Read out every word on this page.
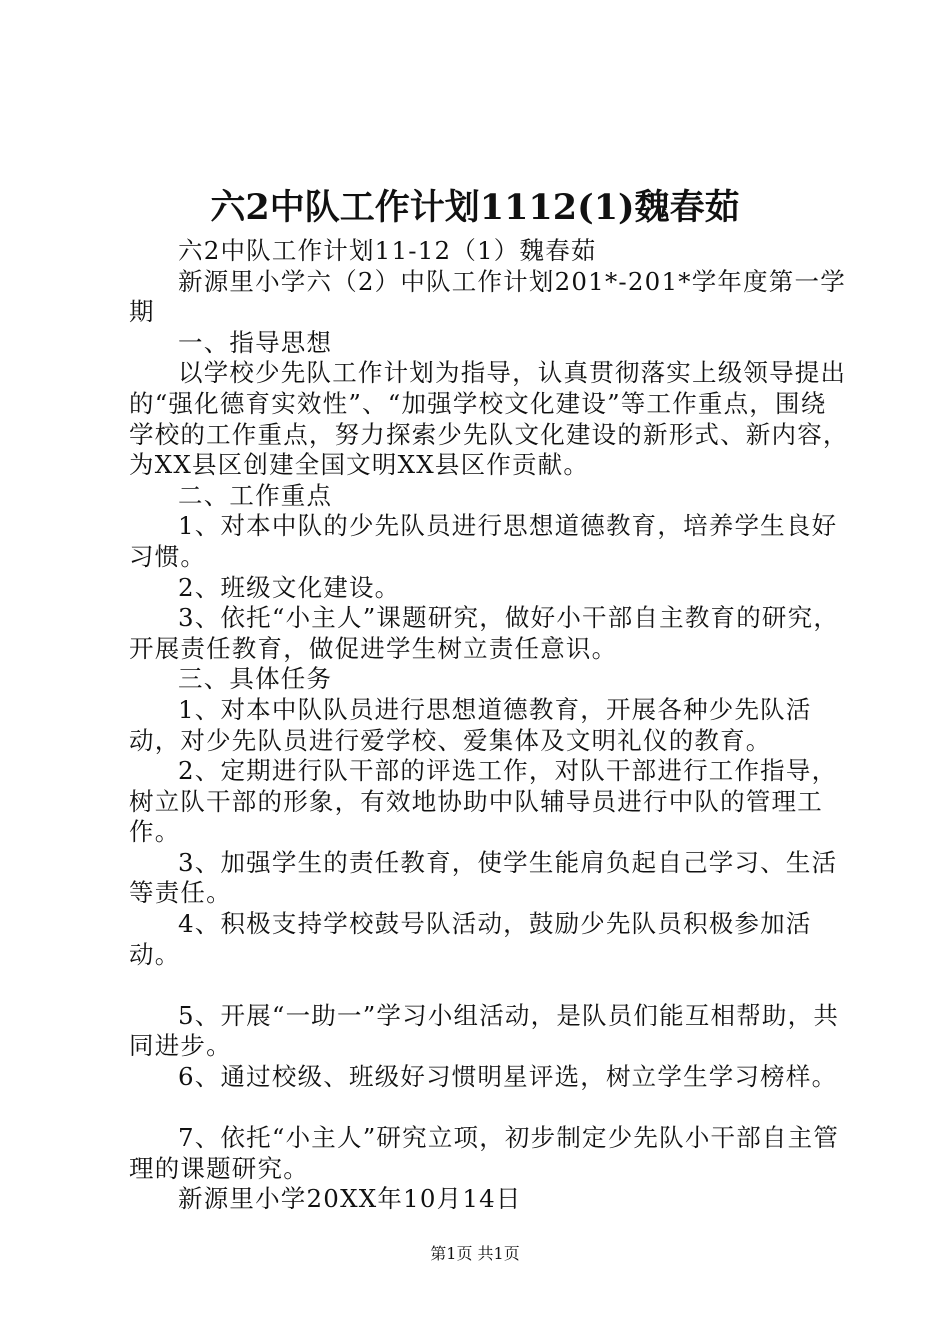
六2中队工作计划1112(1)魏春茹

六2中队工作计划11-12（1）魏春茹

新源里小学六（2）中队工作计划201*-201*学年度第一学期

一、指导思想

以学校少先队工作计划为指导，认真贯彻落实上级领导提出的“强化德育实效性”、“加强学校文化建设”等工作重点，围绕学校的工作重点，努力探索少先队文化建设的新形式、新内容，为XX县区创建全国文明XX县区作贡献。

二、工作重点

1、对本中队的少先队员进行思想道德教育，培养学生良好习惯。

2、班级文化建设。

3、依托“小主人”课题研究，做好小干部自主教育的研究，开展责任教育，做促进学生树立责任意识。

三、具体任务

1、对本中队队员进行思想道德教育，开展各种少先队活动，对少先队员进行爱学校、爱集体及文明礼仪的教育。

2、定期进行队干部的评选工作，对队干部进行工作指导，树立队干部的形象，有效地协助中队辅导员进行中队的管理工作。

3、加强学生的责任教育，使学生能肩负起自己学习、生活等责任。

4、积极支持学校鼓号队活动，鼓励少先队员积极参加活动。

5、开展“一助一”学习小组活动，是队员们能互相帮助，共同进步。

6、通过校级、班级好习惯明星评选，树立学生学习榜样。

7、依托“小主人”研究立项，初步制定少先队小干部自主管理的课题研究。

新源里小学20XX年10月14日

第1页 共1页
